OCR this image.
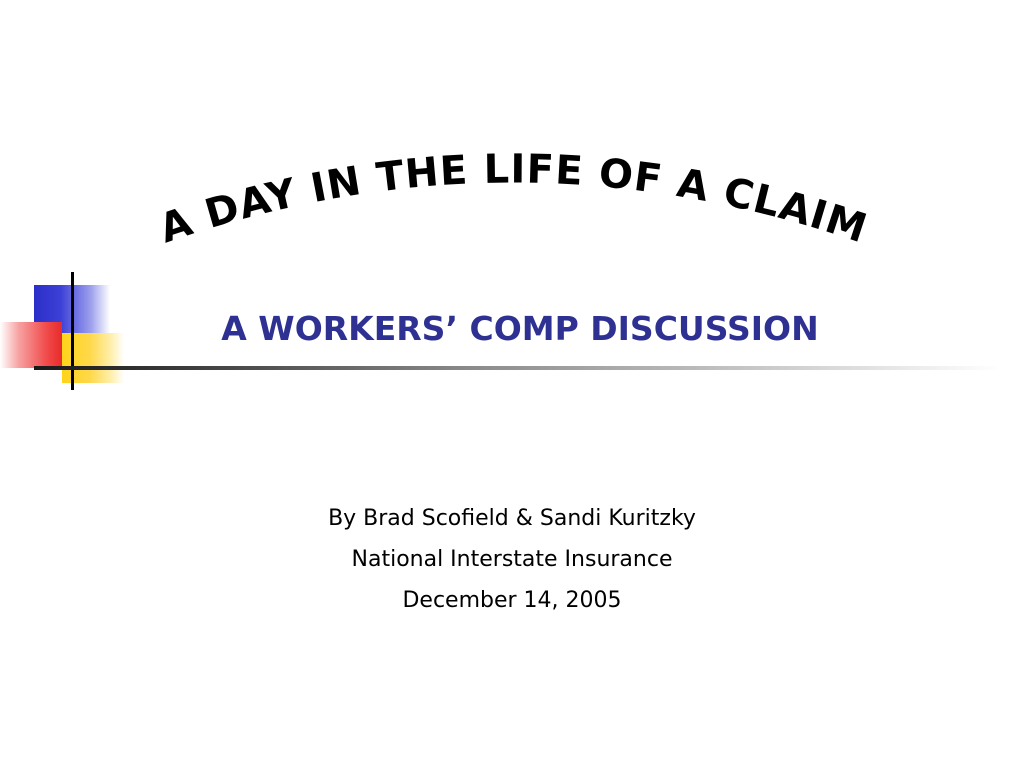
A DAY IN THE LIFE OF A CLAIM
A WORKERS’ COMP DISCUSSION
By Brad Scofield & Sandi Kuritzky
National Interstate Insurance
December 14, 2005
